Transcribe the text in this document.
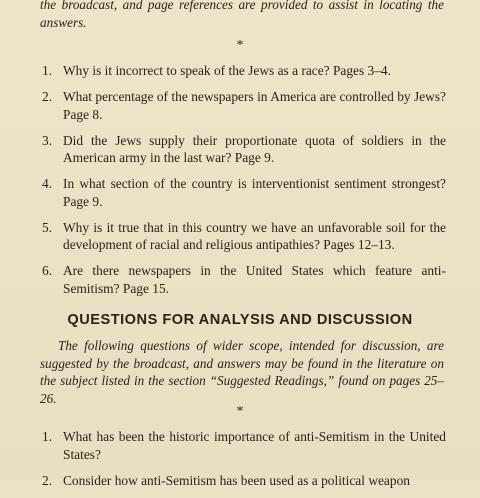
the broadcast, and page references are provided to assist in locating the answers.
*
1. Why is it incorrect to speak of the Jews as a race? Pages 3–4.
2. What percentage of the newspapers in America are controlled by Jews? Page 8.
3. Did the Jews supply their proportionate quota of soldiers in the American army in the last war? Page 9.
4. In what section of the country is interventionist sentiment strongest? Page 9.
5. Why is it true that in this country we have an unfavorable soil for the development of racial and religious antipathies? Pages 12–13.
6. Are there newspapers in the United States which feature anti-Semitism? Page 15.
QUESTIONS FOR ANALYSIS AND DISCUSSION
The following questions of wider scope, intended for discussion, are suggested by the broadcast, and answers may be found in the literature on the subject listed in the section “Suggested Readings,” found on pages 25–26.
*
1. What has been the historic importance of anti-Semitism in the United States?
2. Consider how anti-Semitism has been used as a political weapon
